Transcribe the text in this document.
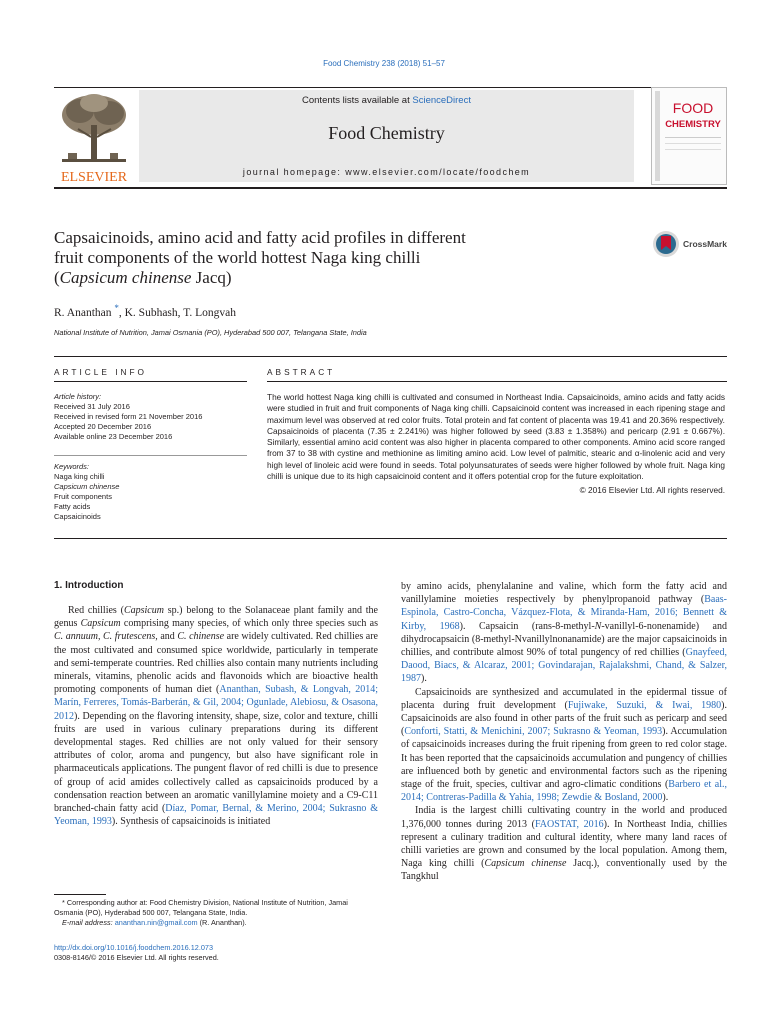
Food Chemistry 238 (2018) 51–57
ELSEVIER
Contents lists available at ScienceDirect
Food Chemistry
journal homepage: www.elsevier.com/locate/foodchem
FOOD
CHEMISTRY
Capsaicinoids, amino acid and fatty acid profiles in different
fruit components of the world hottest Naga king chilli
(Capsicum chinense Jacq)
CrossMark
R. Ananthan *, K. Subhash, T. Longvah
National Institute of Nutrition, Jamai Osmania (PO), Hyderabad 500 007, Telangana State, India
ARTICLE INFO	ABSTRACT
Article history:
Received 31 July 2016
Received in revised form 21 November 2016
Accepted 20 December 2016
Available online 23 December 2016
Keywords:
Naga king chilli
Capsicum chinense
Fruit components
Fatty acids
Capsaicinoids

The world hottest Naga king chilli is cultivated and consumed in Northeast India. Capsaicinoids, amino acids and fatty acids were studied in fruit and fruit components of Naga king chilli. Capsaicinoid content was increased in each ripening stage and maximum level was observed at red color fruits. Total protein and fat content of placenta was 19.41 and 20.36% respectively. Capsaicinoids of placenta (7.35 ± 2.241%) was higher followed by seed (3.83 ± 1.358%) and pericarp (2.91 ± 0.667%). Similarly, essential amino acid content was also higher in placenta compared to other components. Amino acid score ranged from 37 to 38 with cystine and methionine as limiting amino acid. Low level of palmitic, stearic and α-linolenic acid and very high level of linoleic acid were found in seeds. Total polyunsaturates of seeds were higher followed by whole fruit. Naga king chilli is unique due to its high capsaicinoid content and it offers potential crop for the future exploitation.

© 2016 Elsevier Ltd. All rights reserved.

1. Introduction

Red chillies (Capsicum sp.) belong to the Solanaceae plant family and the genus Capsicum comprising many species, of which only three species such as C. annuum, C. frutescens, and C. chinense are widely cultivated. Red chillies are the most cultivated and consumed spice worldwide, particularly in temperate and semi-temperate countries. Red chillies also contain many nutrients including minerals, vitamins, phenolic acids and flavonoids which are bioactive health promoting components of human diet (Ananthan, Subash, & Longvah, 2014; Marín, Ferreres, Tomás-Barberán, & Gil, 2004; Ogunlade, Alebiosu, & Osasona, 2012). Depending on the flavoring intensity, shape, size, color and texture, chilli fruits are used in various culinary preparations during its different developmental stages. Red chillies are not only valued for their sensory attributes of color, aroma and pungency, but also have significant role in pharmaceuticals applications. The pungent flavor of red chilli is due to presence of group of acid amides collectively called as capsaicinoids produced by a condensation reaction between an aromatic vanillylamine moiety and a C9-C11 branched-chain fatty acid (Díaz, Pomar, Bernal, & Merino, 2004; Sukrasno & Yeoman, 1993). Synthesis of capsaicinoids is initiated

* Corresponding author at: Food Chemistry Division, National Institute of Nutrition, Jamai Osmania (PO), Hyderabad 500 007, Telangana State, India.
E-mail address: ananthan.nin@gmail.com (R. Ananthan).
http://dx.doi.org/10.1016/j.foodchem.2016.12.073
0308-8146/© 2016 Elsevier Ltd. All rights reserved.

by amino acids, phenylalanine and valine, which form the fatty acid and vanillylamine moieties respectively by phenylpropanoid pathway (Baas-Espinola, Castro-Concha, Vázquez-Flota, & Miranda-Ham, 2016; Bennett & Kirby, 1968). Capsaicin (rans-8-methyl-N-vanillyl-6-nonenamide) and dihydrocapsaicin (8-methyl-Nvanillylnonanamide) are the major capsaicinoids in chillies, and contribute almost 90% of total pungency of red chillies (Gnayfeed, Daood, Biacs, & Alcaraz, 2001; Govindarajan, Rajalakshmi, Chand, & Salzer, 1987).

Capsaicinoids are synthesized and accumulated in the epidermal tissue of placenta during fruit development (Fujiwake, Suzuki, & Iwai, 1980). Capsaicinoids are also found in other parts of the fruit such as pericarp and seed (Conforti, Statti, & Menichini, 2007; Sukrasno & Yeoman, 1993). Accumulation of capsaicinoids increases during the fruit ripening from green to red color stage. It has been reported that the capsaicinoids accumulation and pungency of chillies are influenced both by genetic and environmental factors such as the ripening stage of the fruit, species, cultivar and agro-climatic conditions (Barbero et al., 2014; Contreras-Padilla & Yahia, 1998; Zewdie & Bosland, 2000).

India is the largest chilli cultivating country in the world and produced 1,376,000 tonnes during 2013 (FAOSTAT, 2016). In Northeast India, chillies represent a culinary tradition and cultural identity, where many land races of chilli varieties are grown and consumed by the local population. Among them, Naga king chilli (Capsicum chinense Jacq.), conventionally used by the Tangkhul
